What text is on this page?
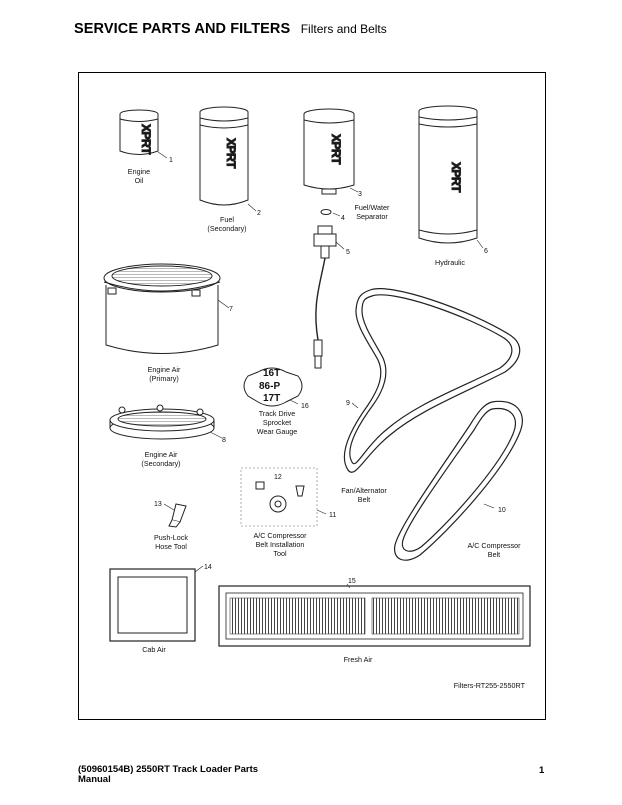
SERVICE PARTS AND FILTERS Filters and Belts
XPRT	XPRT	XPRT
XPRT
16T
86-P
17T
1
2
3
4
5	6
7
8
9
10
11
12
13
14
15
16
Engine
Oil
Fuel
(Secondary)
Fuel/Water
Separator
Hydraulic
Engine Air
(Primary)
Engine Air
(Secondary)
Fan/Alternator
Belt
A/C Compressor
Belt
A/C Compressor
Belt Installation
Tool
Push-Lock
Hose Tool
Cab Air
Fresh Air
Track Drive
Sprocket
Wear Gauge
Filters-RT255-2550RT
(50960154B) 2550RT Track Loader Parts
Manual
1
